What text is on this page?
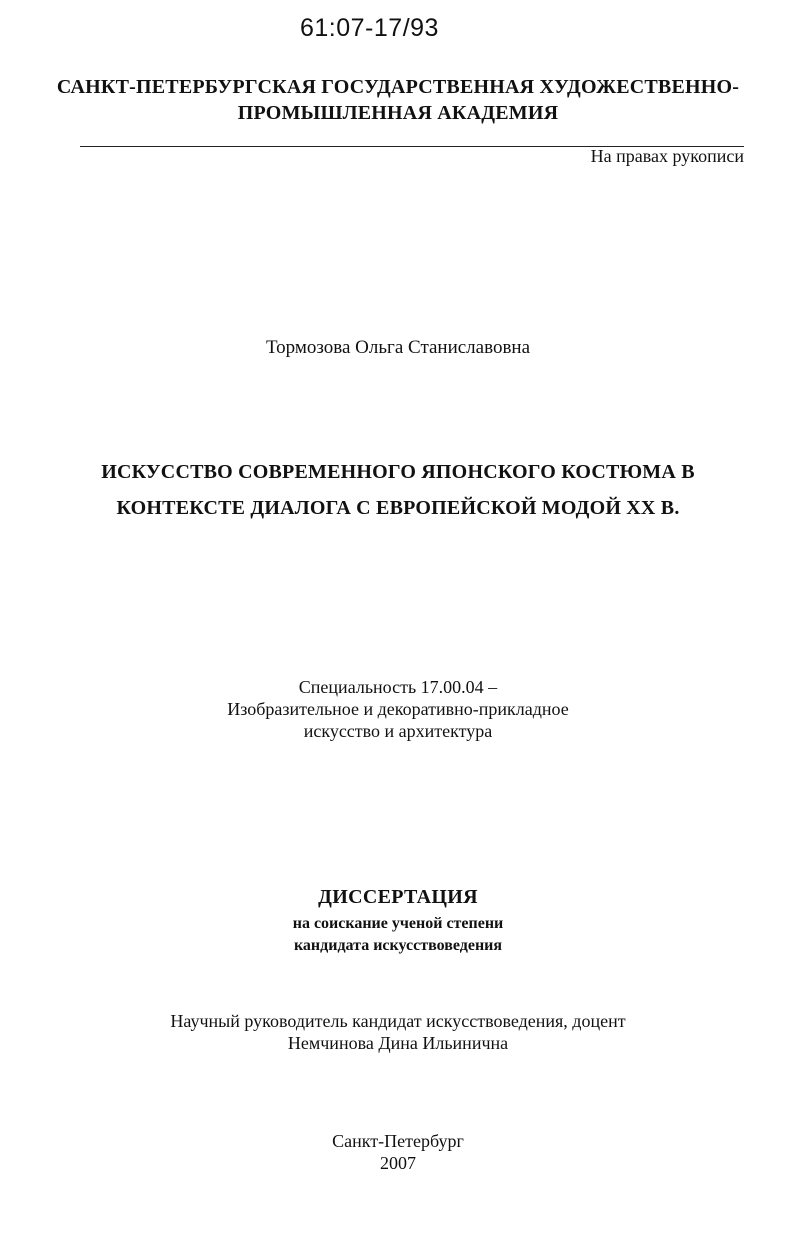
61:07-17/93
САНКТ-ПЕТЕРБУРГСКАЯ ГОСУДАРСТВЕННАЯ ХУДОЖЕСТВЕННО-
ПРОМЫШЛЕННАЯ АКАДЕМИЯ
На правах рукописи
Тормозова Ольга Станиславовна
ИСКУССТВО СОВРЕМЕННОГО ЯПОНСКОГО КОСТЮМА В
КОНТЕКСТЕ ДИАЛОГА С ЕВРОПЕЙСКОЙ МОДОЙ XX В.
Специальность 17.00.04 –
Изобразительное и декоративно-прикладное
искусство и архитектура
ДИССЕРТАЦИЯ
на соискание ученой степени
кандидата искусствоведения
Научный руководитель кандидат искусствоведения, доцент
Немчинова Дина Ильинична
Санкт-Петербург
2007
